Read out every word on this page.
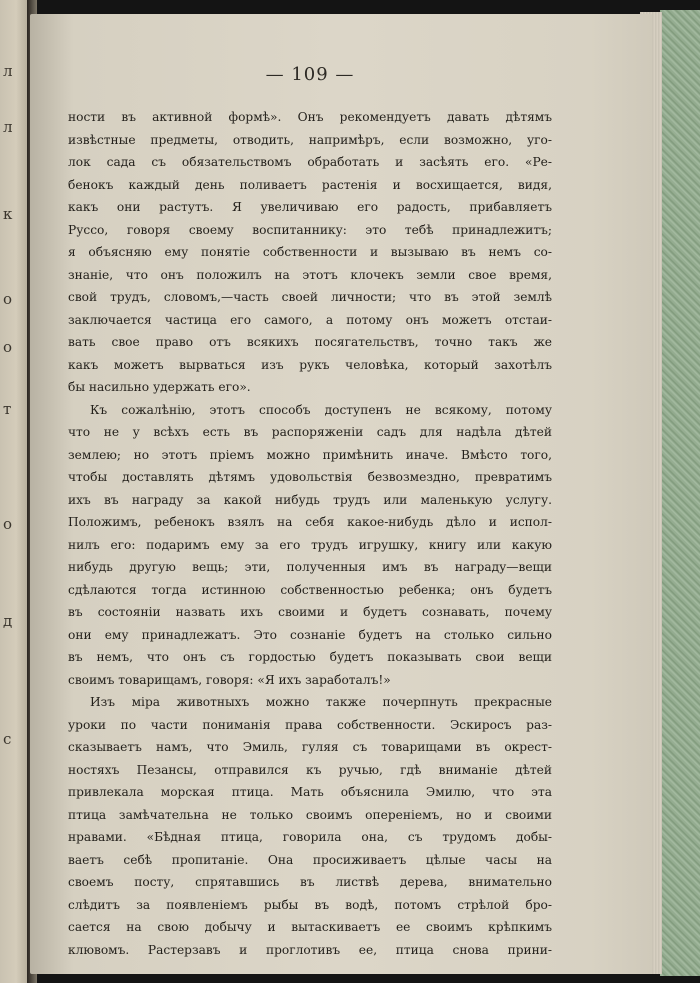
л
л
к
о
о
т
о
д
с
— 109 —
ности въ активной формѣ». Онъ рекомендуетъ давать дѣтямъ
извѣстные предметы, отводить, напримѣръ, если возможно, уго-
лок сада съ обязательствомъ обработать и засѣять его. «Ре-
бенокъ каждый день поливаетъ растенія и восхищается, видя,
какъ они растутъ. Я увеличиваю его радость, прибавляетъ
Руссо, говоря своему воспитаннику: это тебѣ принадлежитъ;
я объясняю ему понятіе собственности и вызываю въ немъ со-
знаніе, что онъ положилъ на этотъ клочекъ земли свое время,
свой трудъ, словомъ,—часть своей личности; что въ этой землѣ
заключается частица его самого, а потому онъ можетъ отстаи-
вать свое право отъ всякихъ посягательствъ, точно такъ же
какъ можетъ вырваться изъ рукъ человѣка, который захотѣлъ
бы насильно удержать его».
Къ сожалѣнію, этотъ способъ доступенъ не всякому, потому
что не у всѣхъ есть въ распоряженіи садъ для надѣла дѣтей
землею; но этотъ пріемъ можно примѣнить иначе. Вмѣсто того,
чтобы доставлять дѣтямъ удовольствія безвозмездно, превратимъ
ихъ въ награду за какой нибудь трудъ или маленькую услугу.
Положимъ, ребенокъ взялъ на себя какое-нибудь дѣло и испол-
нилъ его: подаримъ ему за его трудъ игрушку, книгу или какую
нибудь другую вещь; эти, полученныя имъ въ награду—вещи
сдѣлаются тогда истинною собственностью ребенка; онъ будетъ
въ состояніи назвать ихъ своими и будетъ сознавать, почему
они ему принадлежатъ. Это сознаніе будетъ на столько сильно
въ немъ, что онъ съ гордостью будетъ показывать свои вещи
своимъ товарищамъ, говоря: «Я ихъ заработалъ!»
Изъ міра животныхъ можно также почерпнуть прекрасные
уроки по части пониманія права собственности. Эскиросъ раз-
сказываетъ намъ, что Эмиль, гуляя съ товарищами въ окрест-
ностяхъ Пезансы, отправился къ ручью, гдѣ вниманіе дѣтей
привлекала морская птица. Мать объяснила Эмилю, что эта
птица замѣчательна не только своимъ опереніемъ, но и своими
нравами. «Бѣдная птица, говорила она, съ трудомъ добы-
ваетъ себѣ пропитаніе. Она просиживаетъ цѣлые часы на
своемъ посту, спрятавшись въ листвѣ дерева, внимательно
слѣдитъ за появленіемъ рыбы въ водѣ, потомъ стрѣлой бро-
сается на свою добычу и вытаскиваетъ ее своимъ крѣпкимъ
клювомъ. Растерзавъ и проглотивъ ее, птица снова прини-
